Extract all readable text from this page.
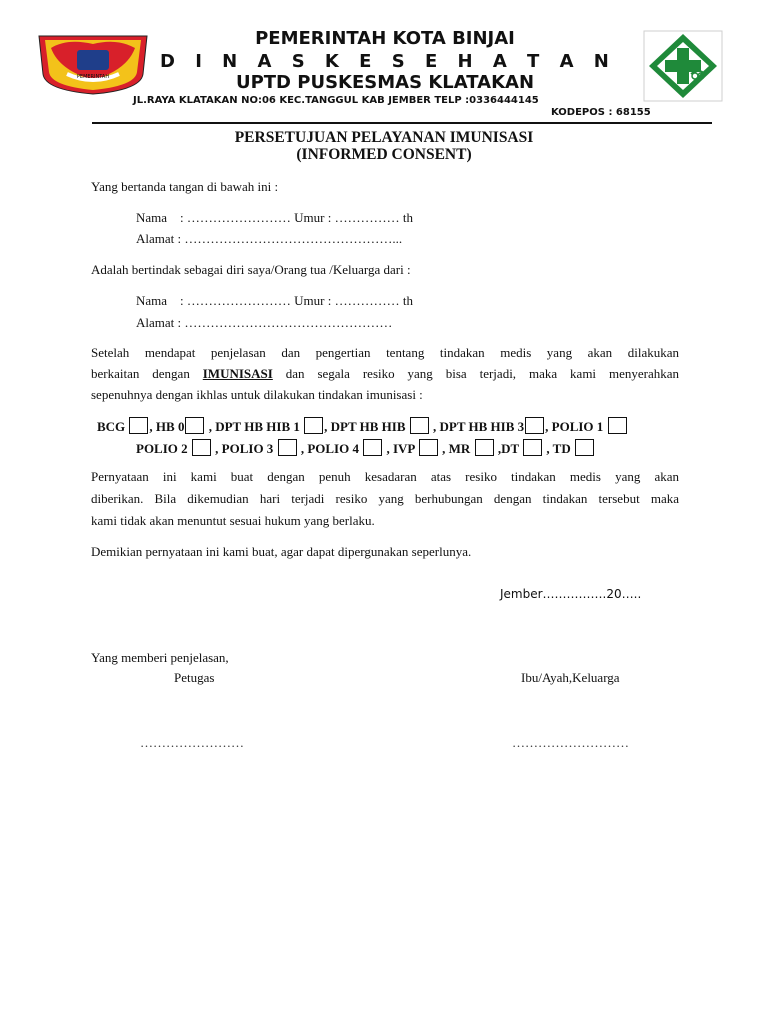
PEMERINTAH
PEMERINTAH KOTA BINJAI
D I N A S K E S E H A T A N
UPTD PUSKESMAS KLATAKAN
JL.RAYA KLATAKAN NO:06 KEC.TANGGUL KAB JEMBER TELP :0336444145
KODEPOS : 68155
PERSETUJUAN PELAYANAN IMUNISASI
(INFORMED CONSENT)
Yang bertanda tangan di bawah ini :
Nama : …………………… Umur : …………… th
Alamat : …………………………………………...
Adalah bertindak sebagai diri saya/Orang tua /Keluarga dari :
Nama : …………………… Umur : …………… th
Alamat : …………………………………………
Setelah mendapat penjelasan dan pengertian tentang tindakan medis yang akan dilakukan
berkaitan dengan IMUNISASI dan segala resiko yang bisa terjadi, maka kami menyerahkan
sepenuhnya dengan ikhlas untuk dilakukan tindakan imunisasi :
BCG , HB 0 , DPT HB HIB 1 , DPT HB HIB  , DPT HB HIB 3 , POLIO 1
POLIO 2  , POLIO 3  , POLIO 4  , IVP  , MR  ,DT  , TD
Pernyataan ini kami buat dengan penuh kesadaran atas resiko tindakan medis yang akan
diberikan. Bila dikemudian hari terjadi resiko yang berhubungan dengan tindakan tersebut maka
kami tidak akan menuntut sesuai hukum yang berlaku.
Demikian pernyataan ini kami buat, agar dapat dipergunakan seperlunya.
Jember…………….20…..
Yang memberi penjelasan,
Petugas	Ibu/Ayah,Keluarga
……………………	………………………
